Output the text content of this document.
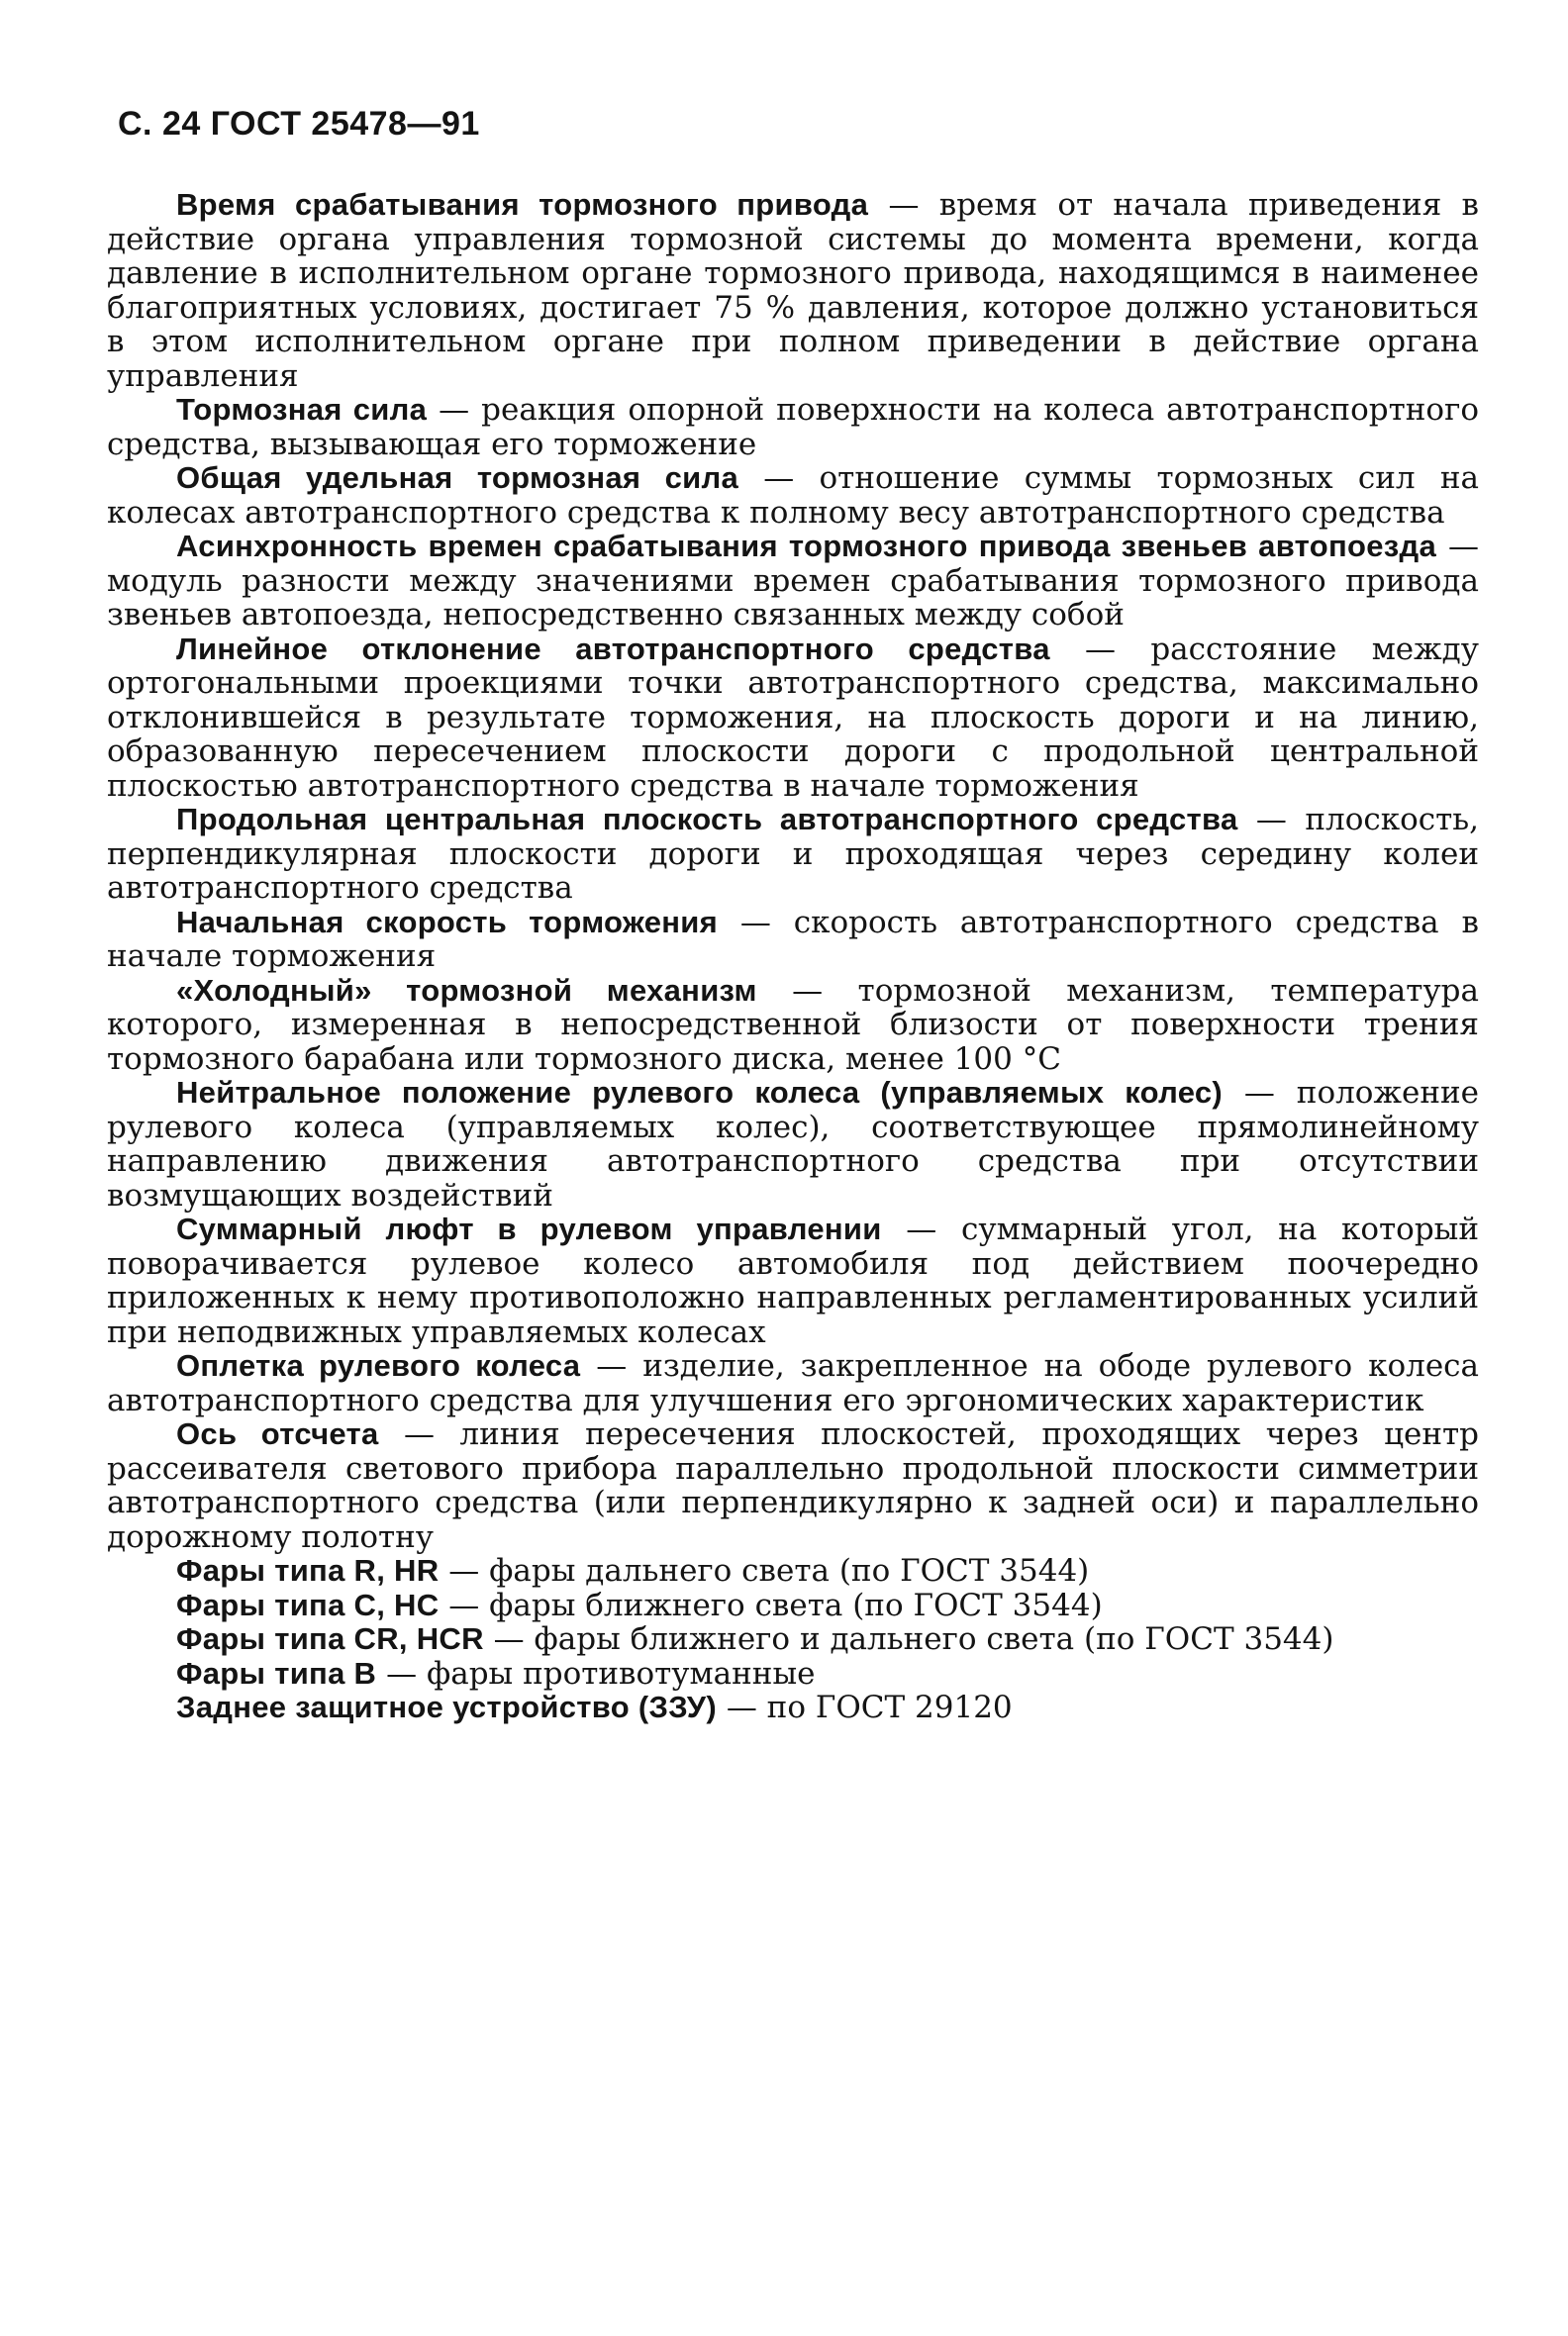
С. 24 ГОСТ 25478—91

Время срабатывания тормозного привода — время от начала приведения в действие органа управления тормозной системы до момента времени, когда давление в исполнительном органе тормозного привода, находящимся в наименее благоприятных условиях, достигает 75 % давления, которое должно установиться в этом исполнительном органе при полном приведении в действие органа управления

Тормозная сила — реакция опорной поверхности на колеса автотранспортного средства, вызывающая его торможение

Общая удельная тормозная сила — отношение суммы тормозных сил на колесах автотранспортного средства к полному весу автотранспортного средства

Асинхронность времен срабатывания тормозного привода звеньев автопоезда — модуль разности между значениями времен срабатывания тормозного привода звеньев автопоезда, непосредственно связанных между собой

Линейное отклонение автотранспортного средства — расстояние между ортогональными проекциями точки автотранспортного средства, максимально отклонившейся в результате торможения, на плоскость дороги и на линию, образованную пересечением плоскости дороги с продольной центральной плоскостью автотранспортного средства в начале торможения

Продольная центральная плоскость автотранспортного средства — плоскость, перпендикулярная плоскости дороги и проходящая через середину колеи автотранспортного средства

Начальная скорость торможения — скорость автотранспортного средства в начале торможения

«Холодный» тормозной механизм — тормозной механизм, температура которого, измеренная в непосредственной близости от поверхности трения тормозного барабана или тормозного диска, менее 100 °С

Нейтральное положение рулевого колеса (управляемых колес) — положение рулевого колеса (управляемых колес), соответствующее прямолинейному направлению движения автотранспортного средства при отсутствии возмущающих воздействий

Суммарный люфт в рулевом управлении — суммарный угол, на который поворачивается рулевое колесо автомобиля под действием поочередно приложенных к нему противоположно направленных регламентированных усилий при неподвижных управляемых колесах

Оплетка рулевого колеса — изделие, закрепленное на ободе рулевого колеса автотранспортного средства для улучшения его эргономических характеристик

Ось отсчета — линия пересечения плоскостей, проходящих через центр рассеивателя светового прибора параллельно продольной плоскости симметрии автотранспортного средства (или перпендикулярно к задней оси) и параллельно дорожному полотну

Фары типа R, HR — фары дальнего света (по ГОСТ 3544)

Фары типа С, НС — фары ближнего света (по ГОСТ 3544)

Фары типа CR, HCR — фары ближнего и дальнего света (по ГОСТ 3544)

Фары типа В — фары противотуманные

Заднее защитное устройство (ЗЗУ) — по ГОСТ 29120
